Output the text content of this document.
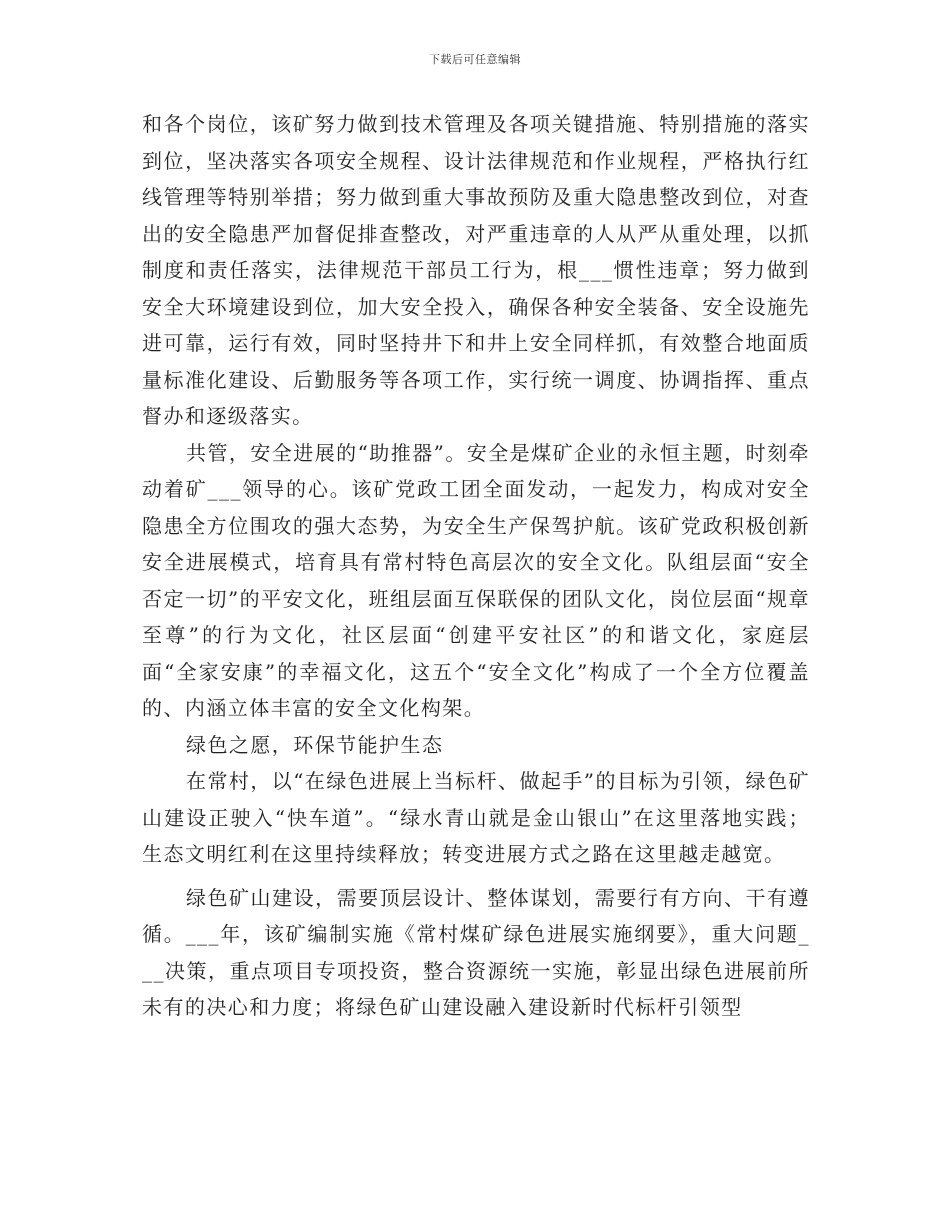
下载后可任意编辑

和各个岗位，该矿努力做到技术管理及各项关键措施、特别措施的落实到位，坚决落实各项安全规程、设计法律规范和作业规程，严格执行红线管理等特别举措；努力做到重大事故预防及重大隐患整改到位，对查出的安全隐患严加督促排查整改，对严重违章的人从严从重处理，以抓制度和责任落实，法律规范干部员工行为，根___惯性违章；努力做到安全大环境建设到位，加大安全投入，确保各种安全装备、安全设施先进可靠，运行有效，同时坚持井下和井上安全同样抓，有效整合地面质量标准化建设、后勤服务等各项工作，实行统一调度、协调指挥、重点督办和逐级落实。

共管，安全进展的“助推器”。安全是煤矿企业的永恒主题，时刻牵动着矿___领导的心。该矿党政工团全面发动，一起发力，构成对安全隐患全方位围攻的强大态势，为安全生产保驾护航。该矿党政积极创新安全进展模式，培育具有常村特色高层次的安全文化。队组层面“安全否定一切”的平安文化，班组层面互保联保的团队文化，岗位层面“规章至尊”的行为文化，社区层面“创建平安社区”的和谐文化，家庭层面“全家安康”的幸福文化，这五个“安全文化”构成了一个全方位覆盖的、内涵立体丰富的安全文化构架。

绿色之愿，环保节能护生态

在常村，以“在绿色进展上当标杆、做起手”的目标为引领，绿色矿山建设正驶入“快车道”。“绿水青山就是金山银山”在这里落地实践；生态文明红利在这里持续释放；转变进展方式之路在这里越走越宽。

绿色矿山建设，需要顶层设计、整体谋划，需要行有方向、干有遵循。___年，该矿编制实施《常村煤矿绿色进展实施纲要》，重大问题___决策，重点项目专项投资，整合资源统一实施，彰显出绿色进展前所未有的决心和力度；将绿色矿山建设融入建设新时代标杆引领型
